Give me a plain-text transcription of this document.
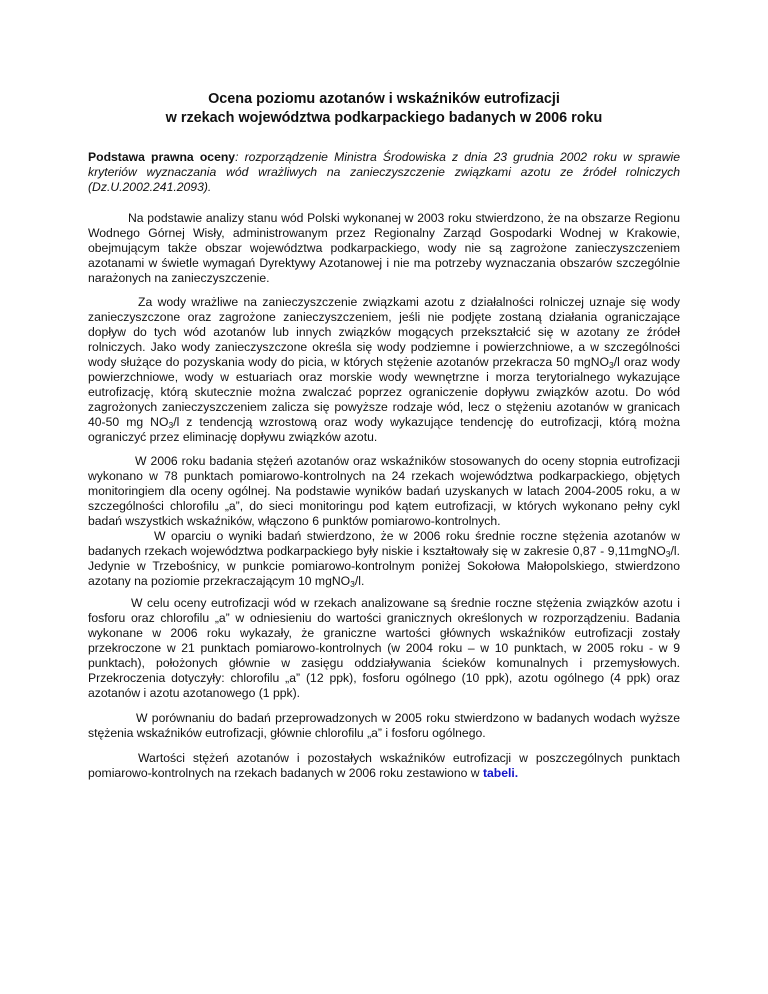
Ocena poziomu azotanów i wskaźników eutrofizacji
w rzekach województwa podkarpackiego badanych w 2006 roku

Podstawa prawna oceny: rozporządzenie Ministra Środowiska z dnia 23 grudnia 2002 roku w sprawie kryteriów wyznaczania wód wrażliwych na zanieczyszczenie związkami azotu ze źródeł rolniczych (Dz.U.2002.241.2093).

Na podstawie analizy stanu wód Polski wykonanej w 2003 roku stwierdzono, że na obszarze Regionu Wodnego Górnej Wisły, administrowanym przez Regionalny Zarząd Gospodarki Wodnej w Krakowie, obejmującym także obszar województwa podkarpackiego, wody nie są zagrożone zanieczyszczeniem azotanami w świetle wymagań Dyrektywy Azotanowej i nie ma potrzeby wyznaczania obszarów szczególnie narażonych na zanieczyszczenie.

Za wody wrażliwe na zanieczyszczenie związkami azotu z działalności rolniczej uznaje się wody zanieczyszczone oraz zagrożone zanieczyszczeniem, jeśli nie podjęte zostaną działania ograniczające dopływ do tych wód azotanów lub innych związków mogących przekształcić się w azotany ze źródeł rolniczych. Jako wody zanieczyszczone określa się wody podziemne i powierzchniowe, a w szczególności wody służące do pozyskania wody do picia, w których stężenie azotanów przekracza 50 mgNO$_3$/l oraz wody powierzchniowe, wody w estuariach oraz morskie wody wewnętrzne i morza terytorialnego wykazujące eutrofizację, którą skutecznie można zwalczać poprzez ograniczenie dopływu związków azotu. Do wód zagrożonych zanieczyszczeniem zalicza się powyższe rodzaje wód, lecz o stężeniu azotanów w granicach 40-50 mg $NO_3/l$ z tendencją wzrostową oraz wody wykazujące tendencję do eutrofizacji, którą można ograniczyć przez eliminację dopływu związków azotu.

W 2006 roku badania stężeń azotanów oraz wskaźników stosowanych do oceny stopnia eutrofizacji wykonano w 78 punktach pomiarowo-kontrolnych na 24 rzekach województwa podkarpackiego, objętych monitoringiem dla oceny ogólnej. Na podstawie wyników badań uzyskanych w latach 2004-2005 roku, a w szczególności chlorofilu „a”, do sieci monitoringu pod kątem eutrofizacji, w których wykonano pełny cykl badań wszystkich wskaźników, włączono 6 punktów pomiarowo-kontrolnych.

W oparciu o wyniki badań stwierdzono, że w 2006 roku średnie roczne stężenia azotanów w badanych rzekach województwa podkarpackiego były niskie i kształtowały się w zakresie 0,87 - 9,11mgNO$_3$/l. Jedynie w Trzebośnicy, w punkcie pomiarowo-kontrolnym poniżej Sokołowa Małopolskiego, stwierdzono azotany na poziomie przekraczającym 10 mgNO$_3$/l.

W celu oceny eutrofizacji wód w rzekach analizowane są średnie roczne stężenia związków azotu i fosforu oraz chlorofilu „a” w odniesieniu do wartości granicznych określonych w rozporządzeniu. Badania wykonane w 2006 roku wykazały, że graniczne wartości głównych wskaźników eutrofizacji zostały przekroczone w 21 punktach pomiarowo-kontrolnych (w 2004 roku – w 10 punktach, w 2005 roku - w 9 punktach), położonych głównie w zasięgu oddziaływania ścieków komunalnych i przemysłowych. Przekroczenia dotyczyły: chlorofilu „a” (12 ppk), fosforu ogólnego (10 ppk), azotu ogólnego (4 ppk) oraz azotanów i azotu azotanowego (1 ppk).

W porównaniu do badań przeprowadzonych w 2005 roku stwierdzono w badanych wodach wyższe stężenia wskaźników eutrofizacji, głównie chlorofilu „a” i fosforu ogólnego.

Wartości stężeń azotanów i pozostałych wskaźników eutrofizacji w poszczególnych punktach pomiarowo-kontrolnych na rzekach badanych w 2006 roku zestawiono w tabeli.
